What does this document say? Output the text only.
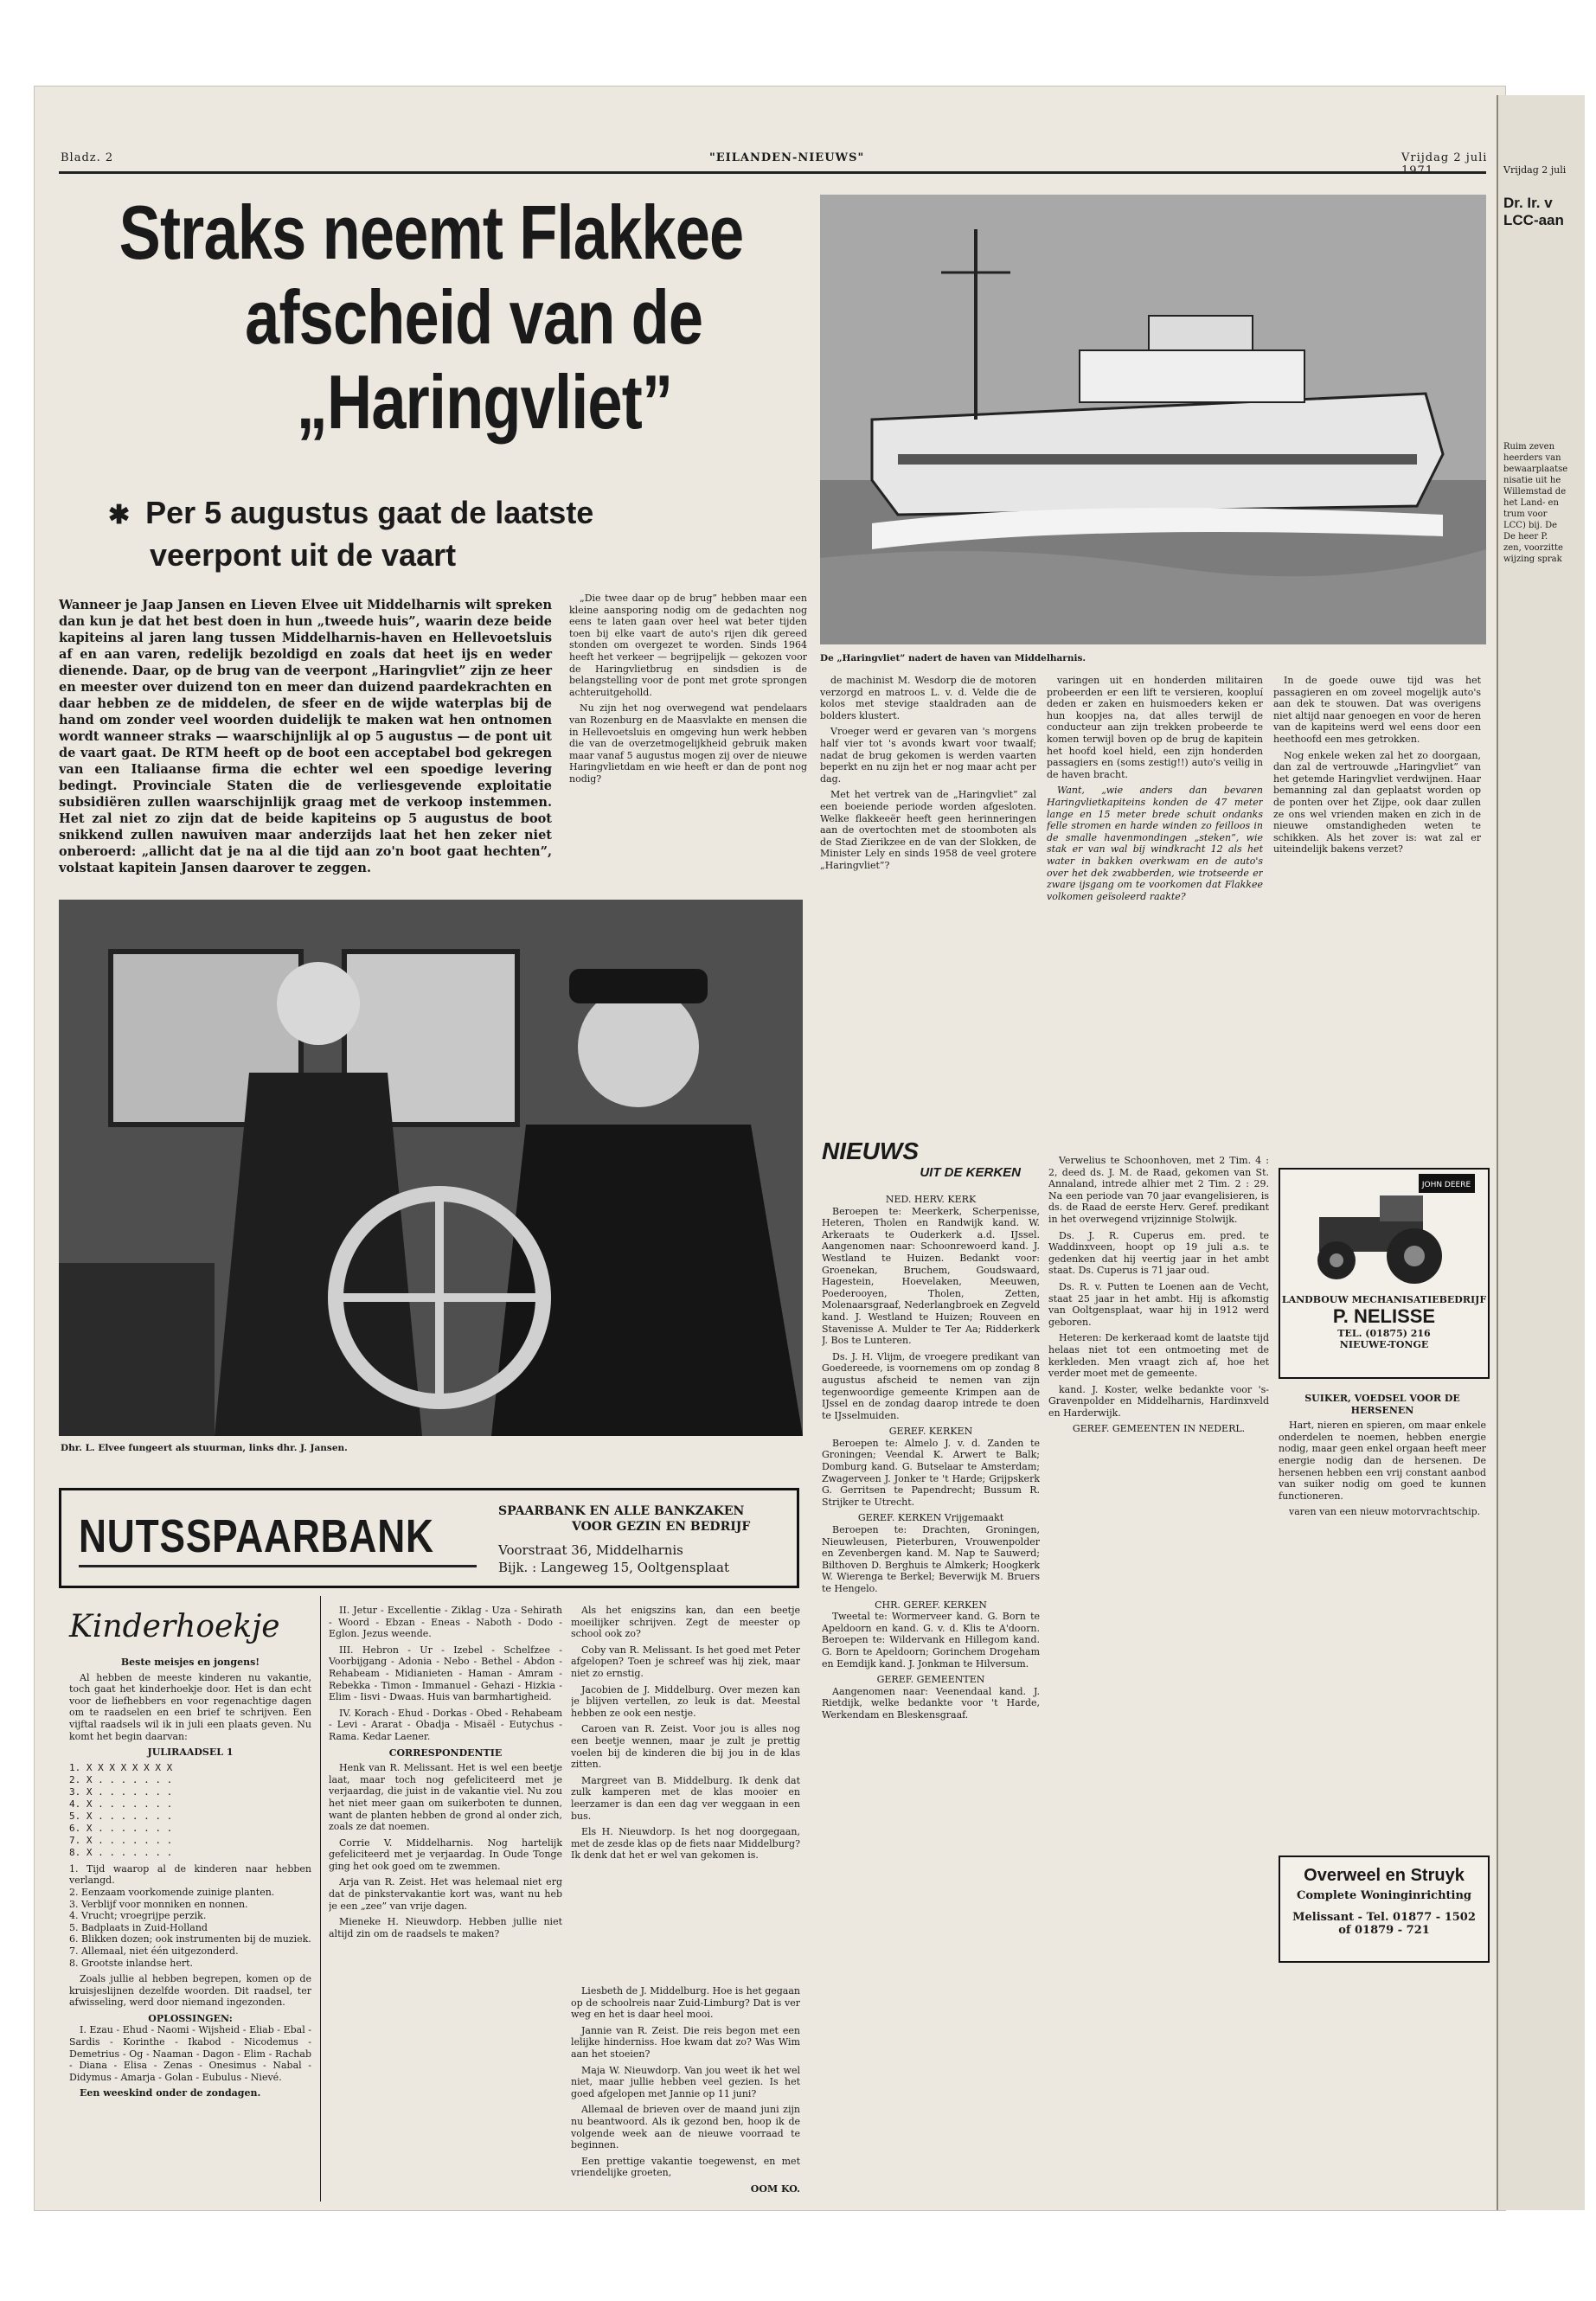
Bladz. 2	"EILANDEN-NIEUWS"	Vrijdag 2 juli
Straks neemt Flakkee
afscheid van de
„Haringvliet”
✱ Per 5 augustus gaat de laatste
veerpont uit de vaart
Wanneer je Jaap Jansen en Lieven Elvee uit Middelharnis wilt spreken dan kun je dat het best doen in hun „tweede huis”, waarin deze beide kapiteins al jaren lang tussen Middelharnis-haven en Hellevoetsluis af en aan varen, redelijk bezoldigd en zoals dat heet ijs en weder dienende. Daar, op de brug van de veerpont „Haringvliet” zijn ze heer en meester over duizend ton en meer dan duizend paardekrachten en daar hebben ze de middelen, de sfeer en de wijde waterplas bij de hand om zonder veel woorden duidelijk te maken wat hen ontnomen wordt wanneer straks — waarschijnlijk al op 5 augustus — de pont uit de vaart gaat. De RTM heeft op de boot een acceptabel bod gekregen van een Italiaanse firma die echter wel een spoedige levering bedingt. Provinciale Staten die de verliesgevende exploitatie subsidiëren zullen waarschijnlijk graag met de verkoop instemmen. Het zal niet zo zijn dat de beide kapiteins op 5 augustus de boot snikkend zullen nawuiven maar anderzijds laat het hen zeker niet onberoerd: „allicht dat je na al die tijd aan zo'n boot gaat hechten”, volstaat kapitein Jansen daarover te zeggen.

„Die twee daar op de brug” hebben maar een kleine aansporing nodig om de gedachten nog eens te laten gaan over heel wat beter tijden toen bij elke vaart de auto's rijen dik gereed stonden om overgezet te worden. Sinds 1964 heeft het verkeer — begrijpelijk — gekozen voor de Haringvlietbrug en sindsdien is de belangstelling voor de pont met grote sprongen achteruitgeholld.

Nu zijn het nog overwegend wat pendelaars van Rozenburg en de Maasvlakte en mensen die in Hellevoetsluis en omgeving hun werk hebben die van de overzetmogelijkheid gebruik maken maar vanaf 5 augustus mogen zij over de nieuwe Haringvlietdam en wie heeft er dan de pont nog nodig?

De „Haringvliet” nadert de haven van Middelharnis.

de machinist M. Wesdorp die de motoren verzorgd en matroos L. v. d. Velde die de kolos met stevige staaldraden aan de bolders klustert.

Vroeger werd er gevaren van 's morgens half vier tot 's avonds kwart voor twaalf; nadat de brug gekomen is werden vaarten beperkt en nu zijn het er nog maar acht per dag.

Met het vertrek van de „Haringvliet” zal een boeiende periode worden afgesloten. Welke flakkeeër heeft geen herinneringen aan de overtochten met de stoomboten als de Stad Zierikzee en de van der Slokken, de Minister Lely en sinds 1958 de veel grotere „Haringvliet”?

varingen uit en honderden militairen probeerden er een lift te versieren, koopluí deden er zaken en huismoeders keken er hun koopjes na, dat alles terwijl de conducteur aan zijn trekken probeerde te komen terwijl boven op de brug de kapitein het hoofd koel hield, een zijn honderden passagiers en (soms zestig!!) auto's veilig in de haven bracht.

Want, „wie anders dan bevaren Haringvlietkapiteins konden de 47 meter lange en 15 meter brede schuit ondanks felle stromen en harde winden zo feilloos in de smalle havenmondingen „steken”, wie stak er van wal bij windkracht 12 als het water in bakken overkwam en de auto's over het dek zwabberden, wie trotseerde er zware ijsgang om te voorkomen dat Flakkee volkomen geïsoleerd raakte?

In de goede ouwe tijd was het passagieren en om zoveel mogelijk auto's aan dek te stouwen. Dat was overigens niet altijd naar genoegen en voor de heren van de kapiteins werd wel eens door een heethoofd een mes getrokken.

Nog enkele weken zal het zo doorgaan, dan zal de vertrouwde „Haringvliet” van het getemde Haringvliet verdwijnen. Haar bemanning zal dan geplaatst worden op de ponten over het Zijpe, ook daar zullen ze ons wel vrienden maken en zich in de nieuwe omstandigheden weten te schikken. Als het zover is: wat zal er uiteindelijk bakens verzet?

Dhr. L. Elvee fungeert als stuurman, links dhr. J. Jansen.
NUTSSPAARBANK	SPAARBANK EN ALLE BANKZAKEN
VOOR GEZIN EN BEDRIJF
Voorstraat 36, Middelharnis
Bijk. : Langeweg 15, Ooltgensplaat
Kinderhoekje
Beste meisjes en jongens!

Al hebben de meeste kinderen nu vakantie, toch gaat het kinderhoekje door. Het is dan echt voor de liefhebbers en voor regenachtige dagen om te raadselen en een brief te schrijven. Een vijftal raadsels wil ik in juli een plaats geven. Nu komt het begin daarvan:

JULIRAADSEL 1
1. X X X X X X X X
2. X . . . . . . .
3. X . . . . . . .
4. X . . . . . . .
5. X . . . . . . .
6. X . . . . . . .
7. X . . . . . . .
8. X . . . . . . .
1. Tijd waarop al de kinderen naar hebben verlangd.
2. Eenzaam voorkomende zuinige planten.
3. Verblijf voor monniken en nonnen.
4. Vrucht; vroegrijpe perzik.
5. Badplaats in Zuid-Holland
6. Blikken dozen; ook instrumenten bij de muziek.
7. Allemaal, niet één uitgezonderd.
8. Grootste inlandse hert.

Zoals jullie al hebben begrepen, komen op de kruisjeslijnen dezelfde woorden. Dit raadsel, ter afwisseling, werd door niemand ingezonden.

OPLOSSINGEN:

I. Ezau - Ehud - Naomi - Wijsheid - Eliab - Ebal - Sardis - Korinthe - Ikabod - Nicodemus - Demetrius - Og - Naaman - Dagon - Elim - Rachab - Diana - Elisa - Zenas - Onesimus - Nabal - Didymus - Amarja - Golan - Eubulus - Nievé.

Een weeskind onder de zondagen.

II. Jetur - Excellentie - Ziklag - Uza - Sehirath - Woord - Ebzan - Eneas - Naboth - Dodo - Eglon. Jezus weende.

III. Hebron - Ur - Izebel - Schelfzee - Voorbijgang - Adonia - Nebo - Bethel - Abdon - Rehabeam - Midianieten - Haman - Amram - Rebekka - Timon - Immanuel - Gehazi - Hizkia - Elim - Iisvi - Dwaas. Huis van barmhartigheid.

IV. Korach - Ehud - Dorkas - Obed - Rehabeam - Levi - Ararat - Obadja - Misaël - Eutychus - Rama. Kedar Laener.

CORRESPONDENTIE

Henk van R. Melissant. Het is wel een beetje laat, maar toch nog gefeliciteerd met je verjaardag, die juist in de vakantie viel. Nu zou het niet meer gaan om suikerboten te dunnen, want de planten hebben de grond al onder zich, zoals ze dat noemen.

Corrie V. Middelharnis. Nog hartelijk gefeliciteerd met je verjaardag. In Oude Tonge ging het ook goed om te zwemmen.

Arja van R. Zeist. Het was helemaal niet erg dat de pinkstervakantie kort was, want nu heb je een „zee” van vrije dagen.

Mieneke H. Nieuwdorp. Hebben jullie niet altijd zin om de raadsels te maken?

Als het enigszins kan, dan een beetje moeilijker schrijven. Zegt de meester op school ook zo?

Coby van R. Melissant. Is het goed met Peter afgelopen? Toen je schreef was hij ziek, maar niet zo ernstig.

Jacobien de J. Middelburg. Over mezen kan je blijven vertellen, zo leuk is dat. Meestal hebben ze ook een nestje.

Caroen van R. Zeist. Voor jou is alles nog een beetje wennen, maar je zult je prettig voelen bij de kinderen die bij jou in de klas zitten.

Margreet van B. Middelburg. Ik denk dat zulk kamperen met de klas mooier en leerzamer is dan een dag ver weggaan in een bus.

Els H. Nieuwdorp. Is het nog doorgegaan, met de zesde klas op de fiets naar Middelburg? Ik denk dat het er wel van gekomen is.

Liesbeth de J. Middelburg. Hoe is het gegaan op de schoolreis naar Zuid-Limburg? Dat is ver weg en het is daar heel mooi.

Jannie van R. Zeist. Die reis begon met een lelijke hinderniss. Hoe kwam dat zo? Was Wim aan het stoeien?

Maja W. Nieuwdorp. Van jou weet ik het wel niet, maar jullie hebben veel gezien. Is het goed afgelopen met Jannie op 11 juni?

Allemaal de brieven over de maand juni zijn nu beantwoord. Als ik gezond ben, hoop ik de volgende week aan de nieuwe voorraad te beginnen.

Een prettige vakantie toegewenst, en met vriendelijke groeten,

OOM KO.
NIEUWS
UIT DE KERKEN
NED. HERV. KERK

Beroepen te: Meerkerk, Scherpenisse, Heteren, Tholen en Randwijk kand. W. Arkeraats te Ouderkerk a.d. IJssel. Aangenomen naar: Schoonrewoerd kand. J. Westland te Huizen. Bedankt voor: Groenekan, Bruchem, Goudswaard, Hagestein, Hoevelaken, Meeuwen, Poederooyen, Tholen, Zetten, Molenaarsgraaf, Nederlangbroek en Zegveld kand. J. Westland te Huizen; Rouveen en Stavenisse A. Mulder te Ter Aa; Ridderkerk J. Bos te Lunteren.

Ds. J. H. Vlijm, de vroegere predikant van Goedereede, is voornemens om op zondag 8 augustus afscheid te nemen van zijn tegenwoordige gemeente Krimpen aan de IJssel en de zondag daarop intrede te doen te IJsselmuiden.

GEREF. KERKEN

Beroepen te: Almelo J. v. d. Zanden te Groningen; Veendal K. Arwert te Balk; Domburg kand. G. Butselaar te Amsterdam; Zwagerveen J. Jonker te 't Harde; Grijpskerk G. Gerritsen te Papendrecht; Bussum R. Strijker te Utrecht.

GEREF. KERKEN Vrijgemaakt

Beroepen te: Drachten, Groningen, Nieuwleusen, Pieterburen, Vrouwenpolder en Zevenbergen kand. M. Nap te Sauwerd; Bilthoven D. Berghuis te Almkerk; Hoogkerk W. Wierenga te Berkel; Beverwijk M. Bruers te Hengelo.

CHR. GEREF. KERKEN

Tweetal te: Wormerveer kand. G. Born te Apeldoorn en kand. G. v. d. Klis te A'doorn. Beroepen te: Wildervank en Hillegom kand. G. Born te Apeldoorn; Gorinchem Drogeham en Eemdijk kand. J. Jonkman te Hilversum.

GEREF. GEMEENTEN

Aangenomen naar: Veenendaal kand. J. Rietdijk, welke bedankte voor 't Harde, Werkendam en Bleskensgraaf.

Verwelius te Schoonhoven, met 2 Tim. 4 : 2, deed ds. J. M. de Raad, gekomen van St. Annaland, intrede alhier met 2 Tim. 2 : 29. Na een periode van 70 jaar evangelisieren, is ds. de Raad de eerste Herv. Geref. predikant in het overwegend vrijzinnige Stolwijk.

Ds. J. R. Cuperus em. pred. te Waddinxveen, hoopt op 19 juli a.s. te gedenken dat hij veertig jaar in het ambt staat. Ds. Cuperus is 71 jaar oud.

Ds. R. v. Putten te Loenen aan de Vecht, staat 25 jaar in het ambt. Hij is afkomstig van Ooltgensplaat, waar hij in 1912 werd geboren.

Heteren: De kerkeraad komt de laatste tijd helaas niet tot een ontmoeting met de kerkleden. Men vraagt zich af, hoe het verder moet met de gemeente.

kand. J. Koster, welke bedankte voor 's-Gravenpolder en Middelharnis, Hardinxveld en Harderwijk.

GEREF. GEMEENTEN IN NEDERL.
JOHN DEERE
LANDBOUW MECHANISATIEBEDRIJF
P. NELISSE
TEL. (01875) 216
NIEUWE-TONGE
SUIKER, VOEDSEL VOOR DE HERSENEN

Hart, nieren en spieren, om maar enkele onderdelen te noemen, hebben energie nodig, maar geen enkel orgaan heeft meer energie nodig dan de hersenen. De hersenen hebben een vrij constant aanbod van suiker nodig om goed te kunnen functioneren.

varen van een nieuw motorvrachtschip.

Overweel en Struyk
Complete Woninginrichting
Melissant - Tel. 01877 - 1502
of 01879 - 721
Vrijdag 2 juli
Dr. Ir. v LCC-aan
Ruim zeven
heerders van
bewaarplaatse
nisatie uit he
Willemstad de
het Land- en
trum voor
LCC) bij. De
De heer P.
zen, voorzitte
wijzing sprak
